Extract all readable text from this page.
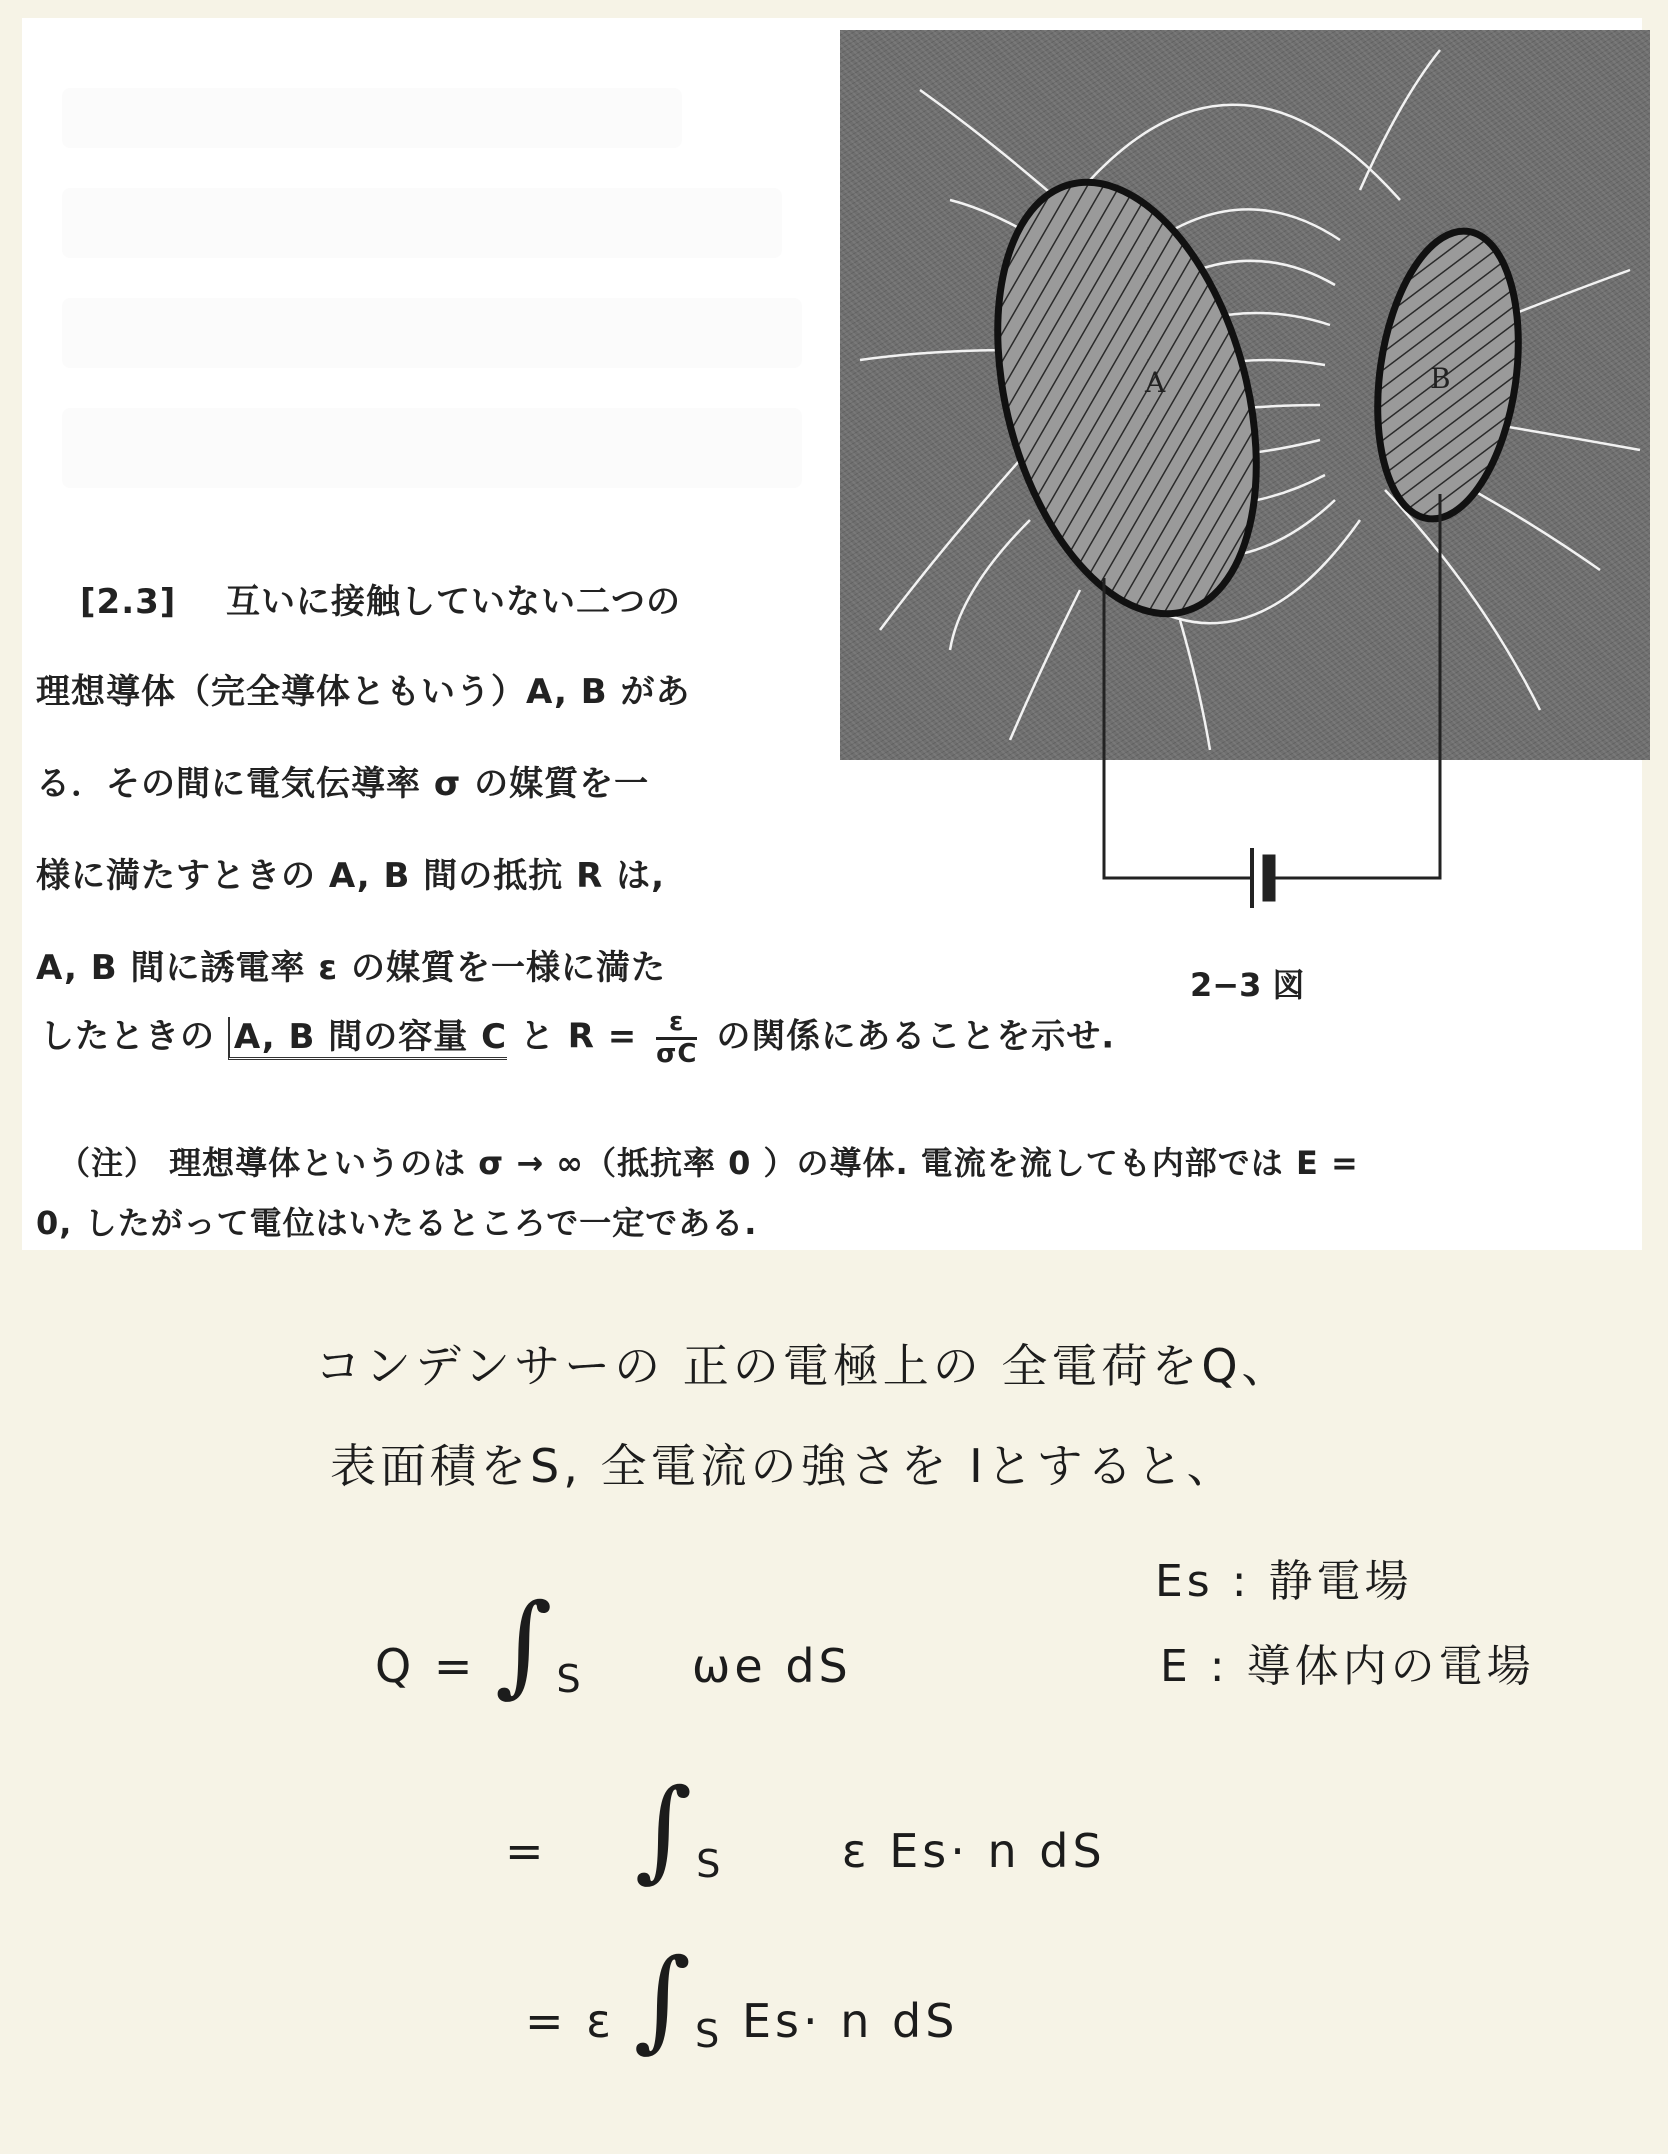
A	B
2−3 図
[2.3] 互いに接触していない二つの
理想導体（完全導体ともいう）A, B があ
る．その間に電気伝導率 σ の媒質を一
様に満たすときの A, B 間の抵抗 R は,
A, B 間に誘電率 ε の媒質を一様に満た
したときの A, B 間の容量 C と $R = \frac{\varepsilon}{\sigma C}$ の関係にあることを示せ.
（注） 理想導体というのは σ → ∞（抵抗率 0 ）の導体. 電流を流しても内部では E =
0, したがって電位はいたるところで一定である.
コンデンサーの 正の電極上の 全電荷をQ、
表面積をS, 全電流の強さを Iとすると、
$Q = \int_S$ ωe dS
= $\int_S$	ε Es· n dS
= ε $\int_S$ Es· n dS
Es : 静電場
E : 導体内の電場
